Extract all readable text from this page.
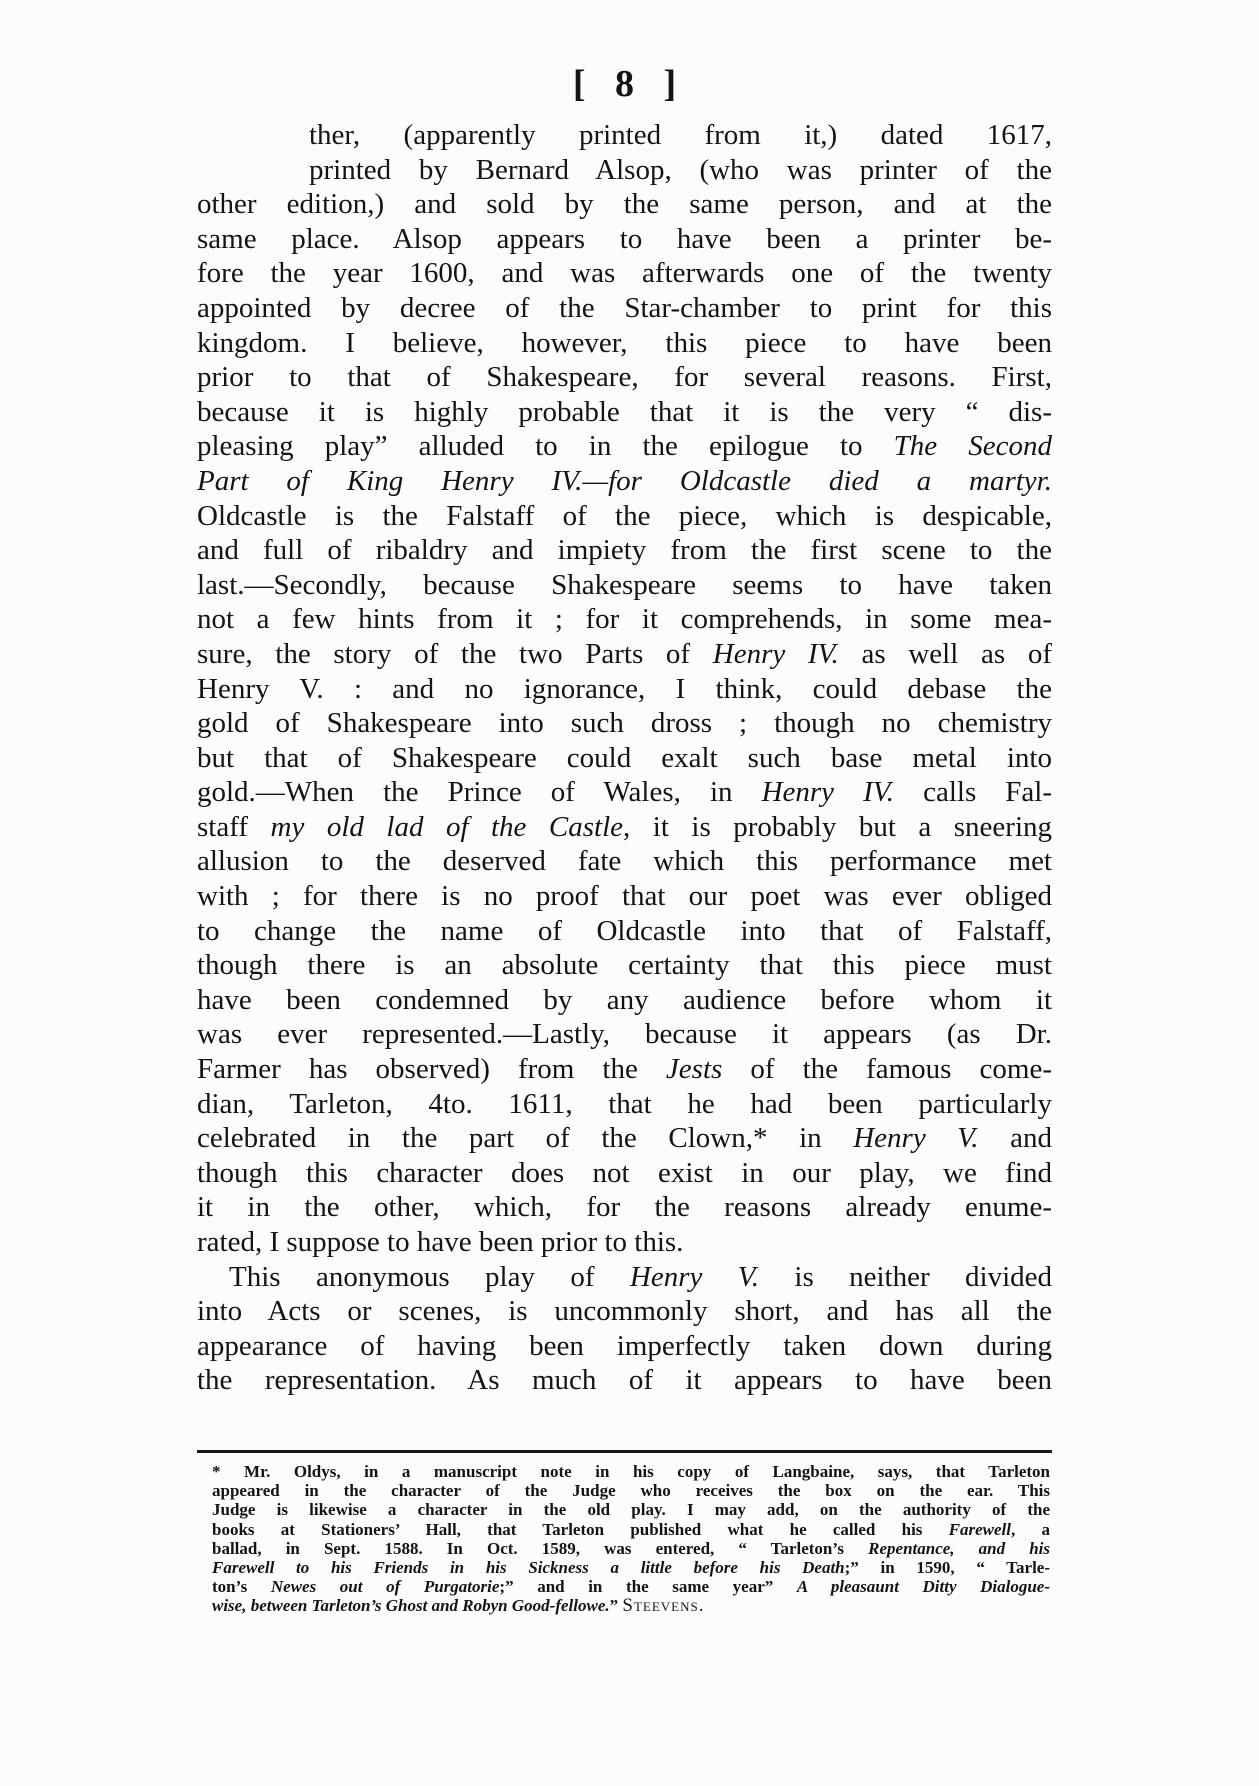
[ 8 ]
ther, (apparently printed from it,) dated 1617,
printed by Bernard Alsop, (who was printer of the
other edition,) and sold by the same person, and at the
same place. Alsop appears to have been a printer be-
fore the year 1600, and was afterwards one of the twenty
appointed by decree of the Star-chamber to print for this
kingdom. I believe, however, this piece to have been
prior to that of Shakespeare, for several reasons. First,
because it is highly probable that it is the very “ dis-
pleasing play” alluded to in the epilogue to The Second
Part of King Henry IV.—for Oldcastle died a martyr.
Oldcastle is the Falstaff of the piece, which is despicable,
and full of ribaldry and impiety from the first scene to the
last.—Secondly, because Shakespeare seems to have taken
not a few hints from it ; for it comprehends, in some mea-
sure, the story of the two Parts of Henry IV. as well as of
Henry V. : and no ignorance, I think, could debase the
gold of Shakespeare into such dross ; though no chemistry
but that of Shakespeare could exalt such base metal into
gold.—When the Prince of Wales, in Henry IV. calls Fal-
staff my old lad of the Castle, it is probably but a sneering
allusion to the deserved fate which this performance met
with ; for there is no proof that our poet was ever obliged
to change the name of Oldcastle into that of Falstaff,
though there is an absolute certainty that this piece must
have been condemned by any audience before whom it
was ever represented.—Lastly, because it appears (as Dr.
Farmer has observed) from the Jests of the famous come-
dian, Tarleton, 4to. 1611, that he had been particularly
celebrated in the part of the Clown,* in Henry V. and
though this character does not exist in our play, we find
it in the other, which, for the reasons already enume-
rated, I suppose to have been prior to this.
This anonymous play of Henry V. is neither divided
into Acts or scenes, is uncommonly short, and has all the
appearance of having been imperfectly taken down during
the representation. As much of it appears to have been
* Mr. Oldys, in a manuscript note in his copy of Langbaine, says, that Tarleton
appeared in the character of the Judge who receives the box on the ear. This
Judge is likewise a character in the old play. I may add, on the authority of the
books at Stationers’ Hall, that Tarleton published what he called his Farewell, a
ballad, in Sept. 1588. In Oct. 1589, was entered, “ Tarleton’s Repentance, and his
Farewell to his Friends in his Sickness a little before his Death;” in 1590, “ Tarle-
ton’s Newes out of Purgatorie;” and in the same year” A pleasaunt Ditty Dialogue-
wise, between Tarleton’s Ghost and Robyn Good-fellowe.” Steevens.
